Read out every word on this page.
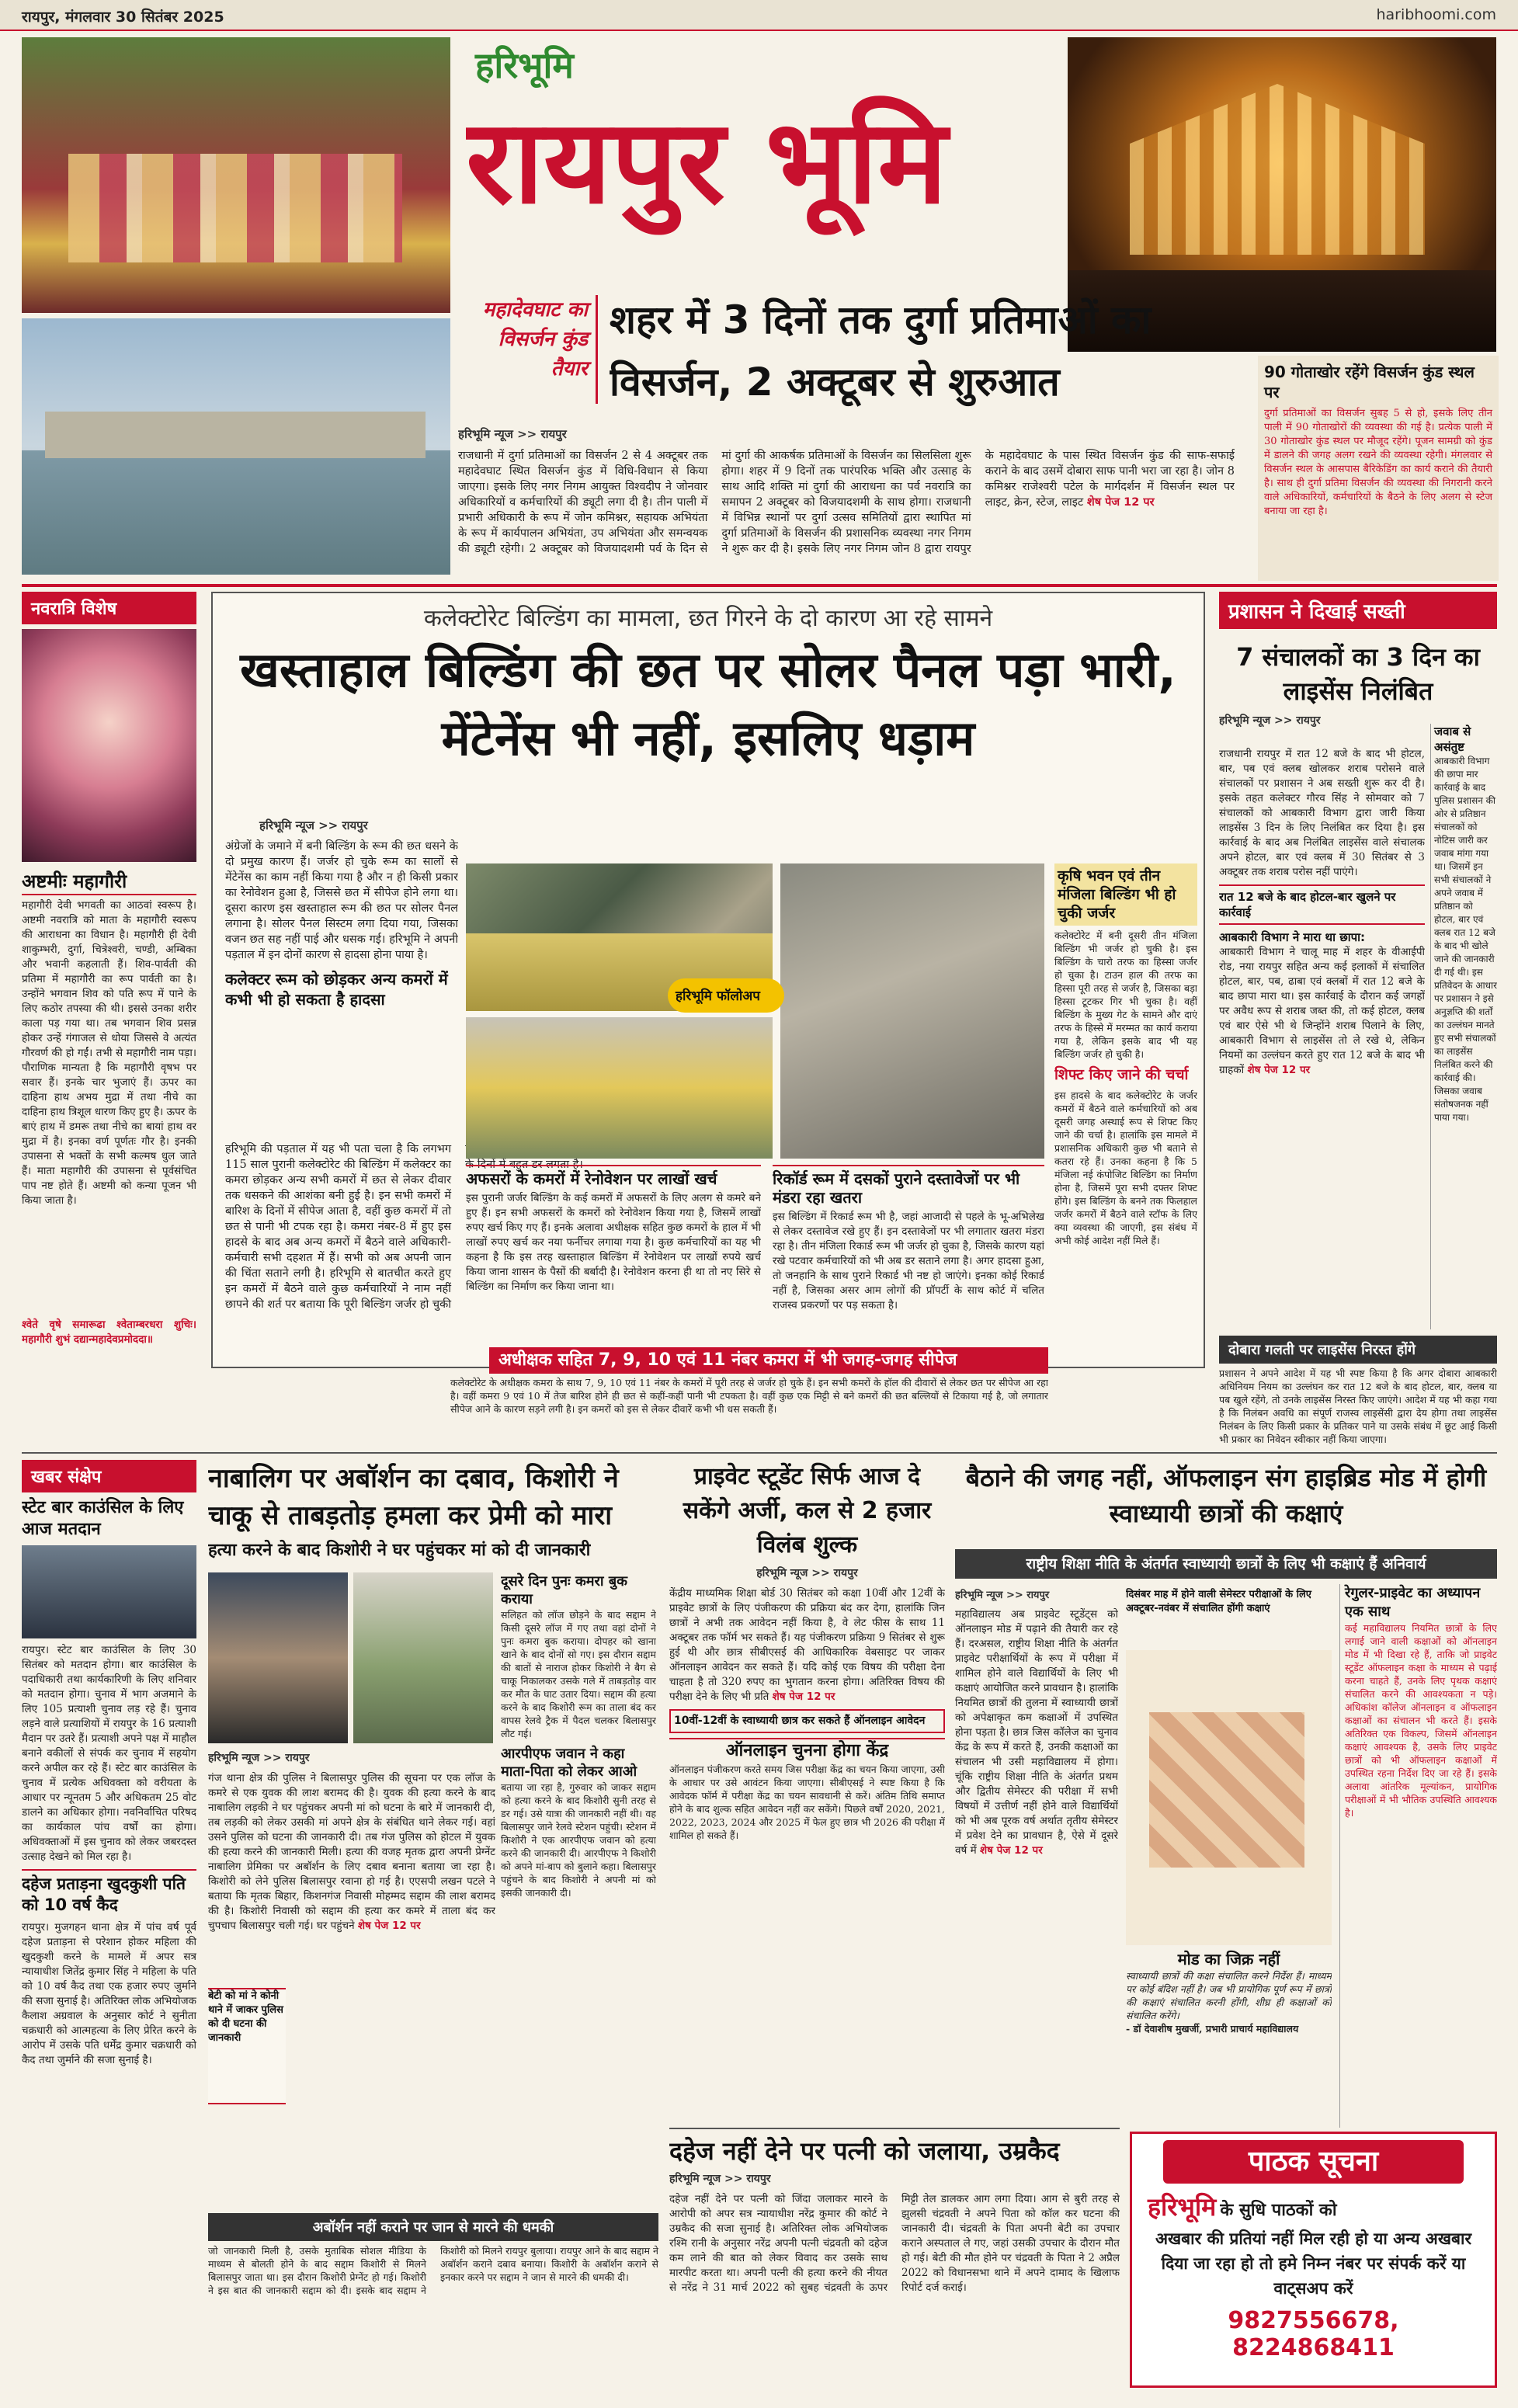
रायपुर, मंगलवार 30 सितंबर 2025	haribhoomi.com
हरिभूमि
रायपुर भूमि
महादेवघाट का विसर्जन कुंड तैयार
शहर में 3 दिनों तक दुर्गा प्रतिमाओं का विसर्जन, 2 अक्टूबर से शुरुआत
हरिभूमि न्यूज >> रायपुर
राजधानी में दुर्गा प्रतिमाओं का विसर्जन 2 से 4 अक्टूबर तक महादेवघाट स्थित विसर्जन कुंड में विधि-विधान से किया जाएगा। इसके लिए नगर निगम आयुक्त विश्वदीप ने जोनवार अधिकारियों व कर्मचारियों की ड्यूटी लगा दी है। तीन पाली में प्रभारी अधिकारी के रूप में जोन कमिश्नर, सहायक अभियंता के रूप में कार्यपालन अभियंता, उप अभियंता और समन्वयक की ड्यूटी रहेगी। 2 अक्टूबर को विजयादशमी पर्व के दिन से मां दुर्गा की आकर्षक प्रतिमाओं के विसर्जन का सिलसिला शुरू होगा। शहर में 9 दिनों तक पारंपरिक भक्ति और उत्साह के साथ आदि शक्ति मां दुर्गा की आराधना का पर्व नवरात्रि का समापन 2 अक्टूबर को विजयादशमी के साथ होगा। राजधानी में विभिन्न स्थानों पर दुर्गा उत्सव समितियों द्वारा स्थापित मां दुर्गा प्रतिमाओं के विसर्जन की प्रशासनिक व्यवस्था नगर निगम ने शुरू कर दी है। इसके लिए नगर निगम जोन 8 द्वारा रायपुर के महादेवघाट के पास स्थित विसर्जन कुंड की साफ-सफाई कराने के बाद उसमें दोबारा साफ पानी भरा जा रहा है। जोन 8 कमिश्नर राजेश्वरी पटेल के मार्गदर्शन में विसर्जन स्थल पर लाइट, क्रेन, स्टेज, लाइट शेष पेज 12 पर
90 गोताखोर रहेंगे विसर्जन कुंड स्थल पर
दुर्गा प्रतिमाओं का विसर्जन सुबह 5 से हो, इसके लिए तीन पाली में 90 गोताखोरों की व्यवस्था की गई है। प्रत्येक पाली में 30 गोताखोर कुंड स्थल पर मौजूद रहेंगे। पूजन सामग्री को कुंड में डालने की जगह अलग रखने की व्यवस्था रहेगी। मंगलवार से विसर्जन स्थल के आसपास बैरिकेडिंग का कार्य कराने की तैयारी है। साथ ही दुर्गा प्रतिमा विसर्जन की व्यवस्था की निगरानी करने वाले अधिकारियों, कर्मचारियों के बैठने के लिए अलग से स्टेज बनाया जा रहा है।
नवरात्रि विशेष
अष्टमीः महागौरी
महागौरी देवी भगवती का आठवां स्वरूप है। अष्टमी नवरात्रि को माता के महागौरी स्वरूप की आराधना का विधान है। महागौरी ही देवी शाकुम्भरी, दुर्गा, चित्रेश्वरी, चण्डी, अम्बिका और भवानी कहलाती हैं। शिव-पार्वती की प्रतिमा में महागौरी का रूप पार्वती का है। उन्होंने भगवान शिव को पति रूप में पाने के लिए कठोर तपस्या की थी। इससे उनका शरीर काला पड़ गया था। तब भगवान शिव प्रसन्न होकर उन्हें गंगाजल से धोया जिससे वे अत्यंत गौरवर्ण की हो गईं। तभी से महागौरी नाम पड़ा। पौराणिक मान्यता है कि महागौरी वृषभ पर सवार हैं। इनके चार भुजाएं हैं। ऊपर का दाहिना हाथ अभय मुद्रा में तथा नीचे का दाहिना हाथ त्रिशूल धारण किए हुए है। ऊपर के बाएं हाथ में डमरू तथा नीचे का बायां हाथ वर मुद्रा में है। इनका वर्ण पूर्णतः गौर है। इनकी उपासना से भक्तों के सभी कल्मष धुल जाते हैं। माता महागौरी की उपासना से पूर्वसंचित पाप नष्ट होते हैं। अष्टमी को कन्या पूजन भी किया जाता है।
श्वेते वृषे समारूढा श्वेताम्बरधरा शुचिः। महागौरी शुभं दद्यान्महादेवप्रमोददा॥
कलेक्टोरेट बिल्डिंग का मामला, छत गिरने के दो कारण आ रहे सामने
खस्ताहाल बिल्डिंग की छत पर सोलर पैनल पड़ा भारी, मेंटेनेंस भी नहीं, इसलिए धड़ाम
हरिभूमि न्यूज >> रायपुर
अंग्रेजों के जमाने में बनी बिल्डिंग के रूम की छत धसने के दो प्रमुख कारण हैं। जर्जर हो चुके रूम का सालों से मेंटेनेंस का काम नहीं किया गया है और न ही किसी प्रकार का रेनोवेशन हुआ है, जिससे छत में सीपेज होने लगा था। दूसरा कारण इस खस्ताहाल रूम की छत पर सोलर पैनल लगाना है। सोलर पैनल सिस्टम लगा दिया गया, जिसका वजन छत सह नहीं पाई और धसक गई। हरिभूमि ने अपनी पड़ताल में इन दोनों कारण से हादसा होना पाया है।
कलेक्टर रूम को छोड़कर अन्य कमरों में कभी भी हो सकता है हादसा
हरिभूमि की पड़ताल में यह भी पता चला है कि लगभग 115 साल पुरानी कलेक्टोरेट की बिल्डिंग में कलेक्टर का कमरा छोड़कर अन्य सभी कमरों में छत से लेकर दीवार तक धसकने की आशंका बनी हुई है। इन सभी कमरों में बारिश के दिनों में सीपेज आता है, वहीं कुछ कमरों में तो छत से पानी भी टपक रहा है। कमरा नंबर-8 में हुए इस हादसे के बाद अब अन्य कमरों में बैठने वाले अधिकारी-कर्मचारी सभी दहशत में हैं। सभी को अब अपनी जान की चिंता सताने लगी है। हरिभूमि से बातचीत करते हुए इन कमरों में बैठने वाले कुछ कर्मचारियों ने नाम नहीं छापने की शर्त पर बताया कि पूरी बिल्डिंग जर्जर हो चुकी के दिनों में बहुत डर लगता है।
हरिभूमि फॉलोअप
अफसरों के कमरों में रेनोवेशन पर लाखों खर्च
इस पुरानी जर्जर बिल्डिंग के कई कमरों में अफसरों के लिए अलग से कमरे बने हुए हैं। इन सभी अफसरों के कमरों को रेनोवेशन किया गया है, जिसमें लाखों रुपए खर्च किए गए हैं। इनके अलावा अधीक्षक सहित कुछ कमरों के हाल में भी लाखों रुपए खर्च कर नया फर्नीचर लगाया गया है। कुछ कर्मचारियों का यह भी कहना है कि इस तरह खस्ताहाल बिल्डिंग में रेनोवेशन पर लाखों रुपये खर्च किया जाना शासन के पैसों की बर्बादी है। रेनोवेशन करना ही था तो नए सिरे से बिल्डिंग का निर्माण कर किया जाना था।
रिकॉर्ड रूम में दसकों पुराने दस्तावेजों पर भी मंडरा रहा खतरा
इस बिल्डिंग में रिकार्ड रूम भी है, जहां आजादी से पहले के भू-अभिलेख से लेकर दस्तावेज रखे हुए हैं। इन दस्तावेजों पर भी लगातार खतरा मंडरा रहा है। तीन मंजिला रिकार्ड रूम भी जर्जर हो चुका है, जिसके कारण यहां रखे पटवार कर्मचारियों को भी अब डर सताने लगा है। अगर हादसा हुआ, तो जनहानि के साथ पुराने रिकार्ड भी नष्ट हो जाएंगे। इनका कोई रिकार्ड नहीं है, जिसका असर आम लोगों की प्रॉपर्टी के साथ कोर्ट में चलित राजस्व प्रकरणों पर पड़ सकता है।
कृषि भवन एवं तीन मंजिला बिल्डिंग भी हो चुकी जर्जर
कलेक्टोरेट में बनी दूसरी तीन मंजिला बिल्डिंग भी जर्जर हो चुकी है। इस बिल्डिंग के चारो तरफ का हिस्सा जर्जर हो चुका है। टाउन हाल की तरफ का हिस्सा पूरी तरह से जर्जर है, जिसका बड़ा हिस्सा टूटकर गिर भी चुका है। वहीं बिल्डिंग के मुख्य गेट के सामने और दाएं तरफ के हिस्से में मरम्मत का कार्य कराया गया है, लेकिन इसके बाद भी यह बिल्डिंग जर्जर हो चुकी है।
शिफ्ट किए जाने की चर्चा
इस हादसे के बाद कलेक्टोरेट के जर्जर कमरों में बैठने वाले कर्मचारियों को अब दूसरी जगह अस्थाई रूप से शिफ्ट किए जाने की चर्चा है। हालांकि इस मामले में प्रशासनिक अधिकारी कुछ भी बताने से कतरा रहे हैं। उनका कहना है कि 5 मंजिला नई कंपोजिट बिल्डिंग का निर्माण होना है, जिसमें पूरा सभी दफ्तर शिफ्ट होंगे। इस बिल्डिंग के बनने तक फिलहाल जर्जर कमरों में बैठने वाले स्टॉफ के लिए क्या व्यवस्था की जाएगी, इस संबंध में अभी कोई आदेश नहीं मिले हैं।
अधीक्षक सहित 7, 9, 10 एवं 11 नंबर कमरा में भी जगह-जगह सीपेज
कलेक्टोरेट के अधीक्षक कमरा के साथ 7, 9, 10 एवं 11 नंबर के कमरों में पूरी तरह से जर्जर हो चुके हैं। इन सभी कमरों के हॉल की दीवारों से लेकर छत पर सीपेज आ रहा है। वहीं कमरा 9 एवं 10 में तेज बारिश होने ही छत से कहीं-कहीं पानी भी टपकता है। वहीं कुछ एक मिट्टी से बने कमरों की छत बल्लियों से टिकाया गई है, जो लगातार सीपेज आने के कारण सड़ने लगी है। इन कमरों को इस से लेकर दीवारें कभी भी धस सकती हैं।
प्रशासन ने दिखाई सख्ती
7 संचालकों का 3 दिन का लाइसेंस निलंबित
हरिभूमि न्यूज >> रायपुर
राजधानी रायपुर में रात 12 बजे के बाद भी होटल, बार, पब एवं क्लब खोलकर शराब परोसने वाले संचालकों पर प्रशासन ने अब सख्ती शुरू कर दी है। इसके तहत कलेक्टर गौरव सिंह ने सोमवार को 7 संचालकों को आबकारी विभाग द्वारा जारी किया लाइसेंस 3 दिन के लिए निलंबित कर दिया है। इस कार्रवाई के बाद अब निलंबित लाइसेंस वाले संचालक अपने होटल, बार एवं क्लब में 30 सितंबर से 3 अक्टूबर तक शराब परोस नहीं पाएंगे।
रात 12 बजे के बाद होटल-बार खुलने पर कार्रवाई
आबकारी विभाग ने मारा था छापा:
आबकारी विभाग ने चालू माह में शहर के वीआईपी रोड, नया रायपुर सहित अन्य कई इलाकों में संचालित होटल, बार, पब, ढाबा एवं क्लबों में रात 12 बजे के बाद छापा मारा था। इस कार्रवाई के दौरान कई जगहों पर अवैध रूप से शराब जब्त की, तो कई होटल, क्लब एवं बार ऐसे भी थे जिन्होंने शराब पिलाने के लिए, आबकारी विभाग से लाइसेंस तो ले रखे थे, लेकिन नियमों का उल्लंघन करते हुए रात 12 बजे के बाद भी ग्राहकों शेष पेज 12 पर
जवाब से असंतुष्ट
आबकारी विभाग की छापा मार कार्रवाई के बाद पुलिस प्रशासन की ओर से प्रतिष्ठान संचालकों को नोटिस जारी कर जवाब मांगा गया था। जिसमें इन सभी संचालकों ने अपने जवाब में प्रतिष्ठान को होटल, बार एवं क्लब रात 12 बजे के बाद भी खोले जाने की जानकारी दी गई थी। इस प्रतिवेदन के आधार पर प्रशासन ने इसे अनुज्ञप्ति की शर्तों का उल्लंघन मानते हुए सभी संचालकों का लाइसेंस निलंबित करने की कार्रवाई की। जिसका जवाब संतोषजनक नहीं पाया गया।
दोबारा गलती पर लाइसेंस निरस्त होंगे
प्रशासन ने अपने आदेश में यह भी स्पष्ट किया है कि अगर दोबारा आबकारी अधिनियम नियम का उल्लंघन कर रात 12 बजे के बाद होटल, बार, क्लब या पब खुले रहेंगे, तो उनके लाइसेंस निरस्त किए जाएंगे। आदेश में यह भी कहा गया है कि निलंबन अवधि का संपूर्ण राजस्व लाइसेंसी द्वारा देय होगा तथा लाइसेंस निलंबन के लिए किसी प्रकार के प्रतिकर पाने या उसके संबंध में छूट आई किसी भी प्रकार का निवेदन स्वीकार नहीं किया जाएगा।
खबर संक्षेप
स्टेट बार काउंसिल के लिए आज मतदान
रायपुर। स्टेट बार काउंसिल के लिए 30 सितंबर को मतदान होगा। बार काउंसिल के पदाधिकारी तथा कार्यकारिणी के लिए शनिवार को मतदान होगा। चुनाव में भाग अजमाने के लिए 105 प्रत्याशी चुनाव लड़ रहे हैं। चुनाव लड़ने वाले प्रत्याशियों में रायपुर के 16 प्रत्याशी मैदान पर उतरे हैं। प्रत्याशी अपने पक्ष में माहौल बनाने वकीलों से संपर्क कर चुनाव में सहयोग करने अपील कर रहे हैं। स्टेट बार काउंसिल के चुनाव में प्रत्येक अधिवक्ता को वरीयता के आधार पर न्यूनतम 5 और अधिकतम 25 वोट डालने का अधिकार होगा। नवनिर्वाचित परिषद का कार्यकाल पांच वर्षों का होगा। अधिवक्ताओं में इस चुनाव को लेकर जबरदस्त उत्साह देखने को मिल रहा है।
दहेज प्रताड़ना खुदकुशी पति को 10 वर्ष कैद
रायपुर। मुजगहन थाना क्षेत्र में पांच वर्ष पूर्व दहेज प्रताड़ना से परेशान होकर महिला की खुदकुशी करने के मामले में अपर सत्र न्यायाधीश जितेंद्र कुमार सिंह ने महिला के पति को 10 वर्ष कैद तथा एक हजार रुपए जुर्माने की सजा सुनाई है। अतिरिक्त लोक अभियोजक कैलाश अग्रवाल के अनुसार कोर्ट ने सुनीता चक्रधारी को आत्महत्या के लिए प्रेरित करने के आरोप में उसके पति धर्मेंद्र कुमार चक्रधारी को कैद तथा जुर्माने की सजा सुनाई है।
नाबालिग पर अबॉर्शन का दबाव, किशोरी ने चाकू से ताबड़तोड़ हमला कर प्रेमी को मारा
हत्या करने के बाद किशोरी ने घर पहुंचकर मां को दी जानकारी
दूसरे दिन पुनः कमरा बुक कराया
सलिहत को लॉज छोड़ने के बाद सद्दाम ने किसी दूसरे लॉज में गए तथा वहां दोनों ने पुनः कमरा बुक कराया। दोपहर को खाना खाने के बाद दोनों सो गए। इस दौरान सद्दाम की बातों से नाराज होकर किशोरी ने बैग से चाकू निकालकर उसके गले में ताबड़तोड़ वार कर मौत के घाट उतार दिया। सद्दाम की हत्या करने के बाद किशोरी रूम का ताला बंद कर वापस रेलवे ट्रैक में पैदल चलकर बिलासपुर लौट गई।
आरपीएफ जवान ने कहा माता-पिता को लेकर आओ
बताया जा रहा है, गुरुवार को जाकर सद्दाम को हत्या करने के बाद किशोरी सुनी तरह से डर गई। उसे यात्रा की जानकारी नहीं थी। वह बिलासपुर जाने रेलवे स्टेशन पहुंची। स्टेशन में किशोरी ने एक आरपीएफ जवान को हत्या करने की जानकारी दी। आरपीएफ ने किशोरी को अपने मां-बाप को बुलाने कहा। बिलासपुर पहुंचने के बाद किशोरी ने अपनी मां को इसकी जानकारी दी।
हरिभूमि न्यूज >> रायपुर
गंज थाना क्षेत्र की पुलिस ने बिलासपुर पुलिस की सूचना पर एक लॉज के कमरे से एक युवक की लाश बरामद की है। युवक की हत्या करने के बाद नाबालिग लड़की ने घर पहुंचकर अपनी मां को घटना के बारे में जानकारी दी, तब लड़की को लेकर उसकी मां अपने क्षेत्र के संबंधित थाने लेकर गई। वहां उसने पुलिस को घटना की जानकारी दी। तब गंज पुलिस को होटल में युवक की हत्या करने की जानकारी मिली। हत्या की वजह मृतक द्वारा अपनी प्रेग्नेंट नाबालिग प्रेमिका पर अबॉर्शन के लिए दबाव बनाना बताया जा रहा है। किशोरी को लेने पुलिस बिलासपुर रवाना हो गई है। एएसपी लखन पटले ने बताया कि मृतक बिहार, किशनगंज निवासी मोहम्मद सद्दाम की लाश बरामद की है। किशोरी निवासी को सद्दाम की हत्या कर कमरे में ताला बंद कर चुपचाप बिलासपुर चली गई। घर पहुंचने शेष पेज 12 पर
बेटी को मां ने कोनी थाने में जाकर पुलिस को दी घटना की जानकारी
अबॉर्शन नहीं कराने पर जान से मारने की धमकी
जो जानकारी मिली है, उसके मुताबिक सोशल मीडिया के माध्यम से बोलती होने के बाद सद्दाम किशोरी से मिलने बिलासपुर जाता था। इस दौरान किशोरी प्रेग्नेंट हो गई। किशोरी ने इस बात की जानकारी सद्दाम को दी। इसके बाद सद्दाम ने किशोरी को मिलने रायपुर बुलाया। रायपुर आने के बाद सद्दाम ने अबॉर्शन कराने दबाव बनाया। किशोरी के अबॉर्शन कराने से इनकार करने पर सद्दाम ने जान से मारने की धमकी दी।
प्राइवेट स्टूडेंट सिर्फ आज दे सकेंगे अर्जी, कल से 2 हजार विलंब शुल्क
हरिभूमि न्यूज >> रायपुर
केंद्रीय माध्यमिक शिक्षा बोर्ड 30 सितंबर को कक्षा 10वीं और 12वीं के प्राइवेट छात्रों के लिए पंजीकरण की प्रक्रिया बंद कर देगा, हालांकि जिन छात्रों ने अभी तक आवेदन नहीं किया है, वे लेट फीस के साथ 11 अक्टूबर तक फॉर्म भर सकते हैं। यह पंजीकरण प्रक्रिया 9 सितंबर से शुरू हुई थी और छात्र सीबीएसई की आधिकारिक वेबसाइट पर जाकर ऑनलाइन आवेदन कर सकते हैं। यदि कोई एक विषय की परीक्षा देना चाहता है तो 320 रुपए का भुगतान करना होगा। अतिरिक्त विषय की परीक्षा देने के लिए भी प्रति शेष पेज 12 पर
10वीं-12वीं के स्वाध्यायी छात्र कर सकते हैं ऑनलाइन आवेदन
ऑनलाइन चुनना होगा केंद्र
ऑनलाइन पंजीकरण करते समय जिस परीक्षा केंद्र का चयन किया जाएगा, उसी के आधार पर उसे आवंटन किया जाएगा। सीबीएसई ने स्पष्ट किया है कि आवेदक फॉर्म में परीक्षा केंद्र का चयन सावधानी से करें। अंतिम तिथि समाप्त होने के बाद शुल्क सहित आवेदन नहीं कर सकेंगे। पिछले वर्षों 2020, 2021, 2022, 2023, 2024 और 2025 में फेल हुए छात्र भी 2026 की परीक्षा में शामिल हो सकते हैं।
बैठाने की जगह नहीं, ऑफलाइन संग हाइब्रिड मोड में होगी स्वाध्यायी छात्रों की कक्षाएं
राष्ट्रीय शिक्षा नीति के अंतर्गत स्वाध्यायी छात्रों के लिए भी कक्षाएं हैं अनिवार्य
हरिभूमि न्यूज >> रायपुर
महाविद्यालय अब प्राइवेट स्टूडेंट्स को ऑनलाइन मोड में पढ़ाने की तैयारी कर रहे हैं। दरअसल, राष्ट्रीय शिक्षा नीति के अंतर्गत प्राइवेट परीक्षार्थियों के रूप में परीक्षा में शामिल होने वाले विद्यार्थियों के लिए भी कक्षाएं आयोजित करने प्रावधान है। हालांकि नियमित छात्रों की तुलना में स्वाध्यायी छात्रों को अपेक्षाकृत कम कक्षाओं में उपस्थित होना पड़ता है। छात्र जिस कॉलेज का चुनाव केंद्र के रूप में करते हैं, उनकी कक्षाओं का संचालन भी उसी महाविद्यालय में होगा। चूंकि राष्ट्रीय शिक्षा नीति के अंतर्गत प्रथम और द्वितीय सेमेस्टर की परीक्षा में सभी विषयों में उत्तीर्ण नहीं होने वाले विद्यार्थियों को भी अब पूरक वर्ष अर्थात तृतीय सेमेस्टर में प्रवेश देने का प्रावधान है, ऐसे में दूसरे वर्ष में शेष पेज 12 पर
दिसंबर माह में होने वाली सेमेस्टर परीक्षाओं के लिए अक्टूबर-नवंबर में संचालित होंगी कक्षाएं
मोड का जिक्र नहीं
स्वाध्यायी छात्रों की कक्षा संचालित करने निर्देश हैं। माध्यम पर कोई बंदिश नहीं है। जब भी प्रायोगिक पूर्ण रूप में छात्रों की कक्षाएं संचालित करनी होंगी, शीघ्र ही कक्षाओं को संचालित करेंगे।
- डॉ देवाशीष मुखर्जी, प्रभारी प्राचार्य महाविद्यालय
रेगुलर-प्राइवेट का अध्यापन एक साथ
कई महाविद्यालय नियमित छात्रों के लिए लगाई जाने वाली कक्षाओं को ऑनलाइन मोड में भी दिखा रहे हैं, ताकि जो प्राइवेट स्टूडेंट ऑफलाइन कक्षा के माध्यम से पढ़ाई करना चाहते हैं, उनके लिए पृथक कक्षाएं संचालित करने की आवश्यकता न पड़े। अधिकांश कॉलेज ऑनलाइन व ऑफलाइन कक्षाओं का संचालन भी करते हैं। इसके अतिरिक्त एक विकल्प, जिसमें ऑनलाइन कक्षाएं आवश्यक है, उसके लिए प्राइवेट छात्रों को भी ऑफलाइन कक्षाओं में उपस्थित रहना निर्देश दिए जा रहे हैं। इसके अलावा आंतरिक मूल्यांकन, प्रायोगिक परीक्षाओं में भी भौतिक उपस्थिति आवश्यक है।
दहेज नहीं देने पर पत्नी को जलाया, उम्रकैद
हरिभूमि न्यूज >> रायपुर
दहेज नहीं देने पर पत्नी को जिंदा जलाकर मारने के आरोपी को अपर सत्र न्यायाधीश नरेंद्र कुमार की कोर्ट ने उम्रकैद की सजा सुनाई है। अतिरिक्त लोक अभियोजक रश्मि रानी के अनुसार नरेंद्र अपनी पत्नी चंद्रवती को दहेज कम लाने की बात को लेकर विवाद कर उसके साथ मारपीट करता था। अपनी पत्नी की हत्या करने की नीयत से नरेंद्र ने 31 मार्च 2022 को सुबह चंद्रवती के ऊपर मिट्टी तेल डालकर आग लगा दिया। आग से बुरी तरह से झुलसी चंद्रवती ने अपने पिता को कॉल कर घटना की जानकारी दी। चंद्रवती के पिता अपनी बेटी का उपचार कराने अस्पताल ले गए, जहां उसकी उपचार के दौरान मौत हो गई। बेटी की मौत होने पर चंद्रवती के पिता ने 2 अप्रैल 2022 को विधानसभा थाने में अपने दामाद के खिलाफ रिपोर्ट दर्ज कराई।
पाठक सूचना
हरिभूमि के सुधि पाठकों को
अखबार की प्रतियां नहीं मिल रही हो या अन्य अखबार दिया जा रहा हो तो हमे निम्न नंबर पर संपर्क करें या वाट्सअप करें
9827556678, 8224868411
